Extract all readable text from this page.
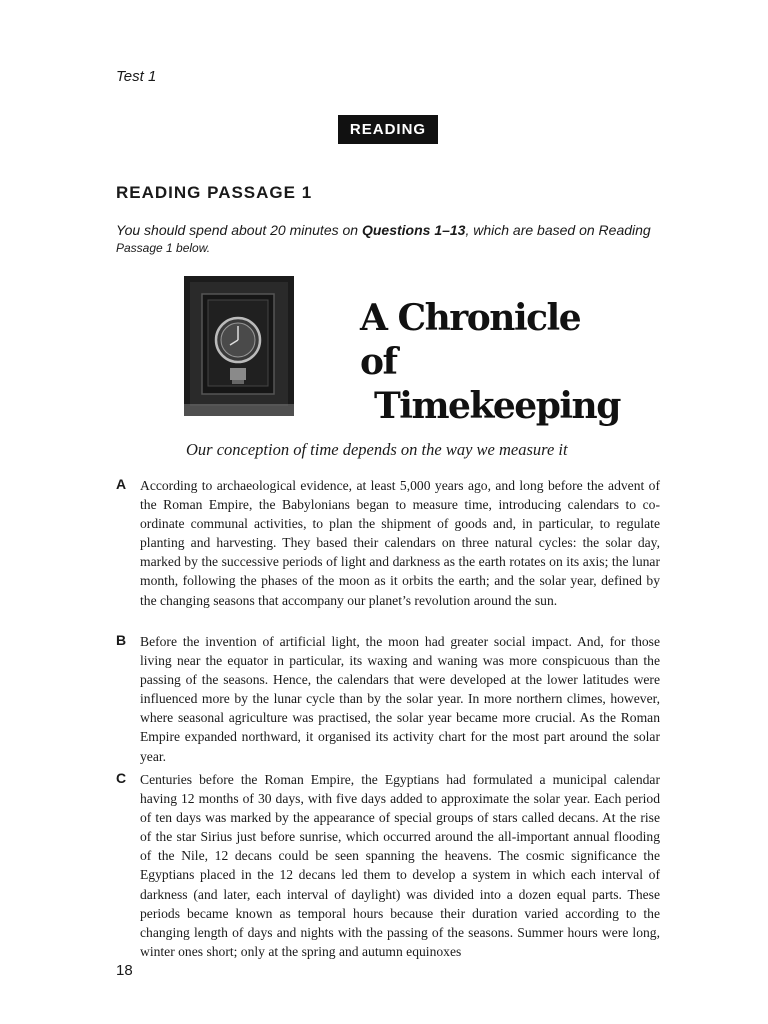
Test 1
READING
READING PASSAGE 1
You should spend about 20 minutes on Questions 1–13, which are based on Reading
Passage 1 below.
A Chronicle of
Timekeeping
Our conception of time depends on the way we measure it
A According to archaeological evidence, at least 5,000 years ago, and long before the advent of the Roman Empire, the Babylonians began to measure time, introducing calendars to co-ordinate communal activities, to plan the shipment of goods and, in particular, to regulate planting and harvesting. They based their calendars on three natural cycles: the solar day, marked by the successive periods of light and darkness as the earth rotates on its axis; the lunar month, following the phases of the moon as it orbits the earth; and the solar year, defined by the changing seasons that accompany our planet’s revolution around the sun.
B Before the invention of artificial light, the moon had greater social impact. And, for those living near the equator in particular, its waxing and waning was more conspicuous than the passing of the seasons. Hence, the calendars that were developed at the lower latitudes were influenced more by the lunar cycle than by the solar year. In more northern climes, however, where seasonal agriculture was practised, the solar year became more crucial. As the Roman Empire expanded northward, it organised its activity chart for the most part around the solar year.
C Centuries before the Roman Empire, the Egyptians had formulated a municipal calendar having 12 months of 30 days, with five days added to approximate the solar year. Each period of ten days was marked by the appearance of special groups of stars called decans. At the rise of the star Sirius just before sunrise, which occurred around the all-important annual flooding of the Nile, 12 decans could be seen spanning the heavens. The cosmic significance the Egyptians placed in the 12 decans led them to develop a system in which each interval of darkness (and later, each interval of daylight) was divided into a dozen equal parts. These periods became known as temporal hours because their duration varied according to the changing length of days and nights with the passing of the seasons. Summer hours were long, winter ones short; only at the spring and autumn equinoxes
18
